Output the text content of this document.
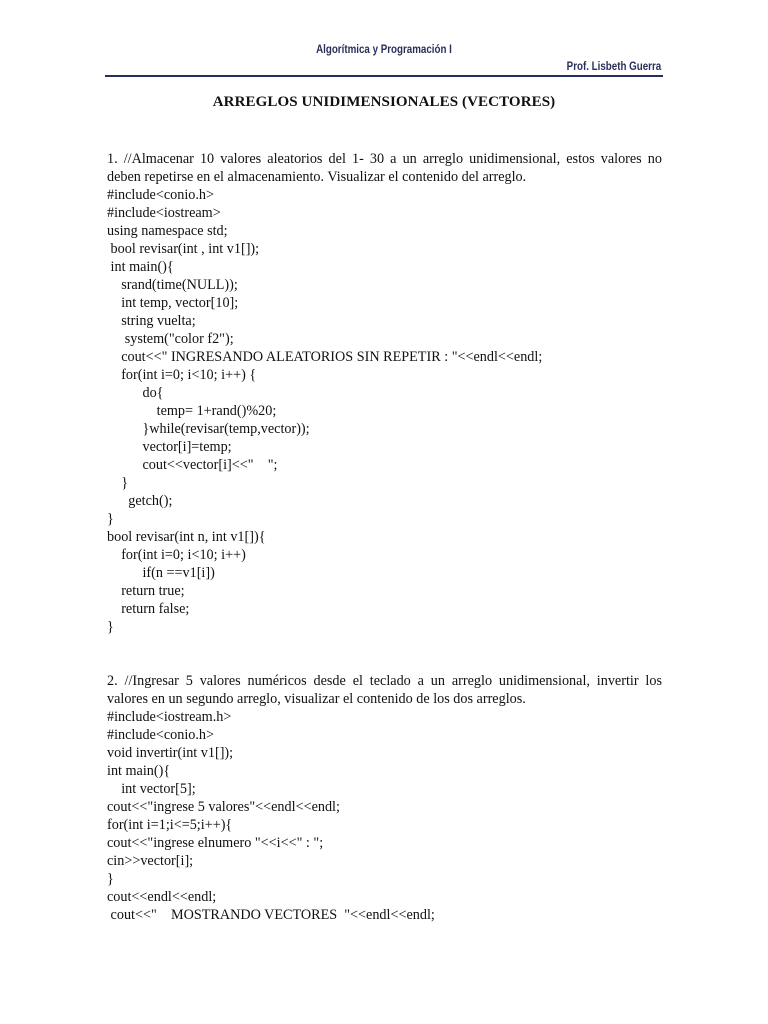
Algorítmica y Programación I
Prof. Lisbeth Guerra
ARREGLOS UNIDIMENSIONALES (VECTORES)

1. //Almacenar 10 valores aleatorios del 1- 30 a un arreglo unidimensional, estos valores no deben repetirse en el almacenamiento. Visualizar el contenido del arreglo.

#include<conio.h>
#include<iostream>
using namespace std;
bool revisar(int , int v1[]);
int main(){
srand(time(NULL));
int temp, vector[10];
string vuelta;
system("color f2");
cout<<" INGRESANDO ALEATORIOS SIN REPETIR : "<<endl<<endl;
for(int i=0; i<10; i++) {
do{
temp= 1+rand()%20;
}while(revisar(temp,vector));
vector[i]=temp;
cout<<vector[i]<<"    ";
}
getch();
}
bool revisar(int n, int v1[]){
for(int i=0; i<10; i++)
if(n ==v1[i])
return true;
return false;
}

2. //Ingresar 5 valores numéricos desde el teclado a un arreglo unidimensional, invertir los valores en un segundo arreglo, visualizar el contenido de los dos arreglos.

#include<iostream.h>
#include<conio.h>
void invertir(int v1[]);
int main(){
int vector[5];
cout<<"ingrese 5 valores"<<endl<<endl;
for(int i=1;i<=5;i++){
cout<<"ingrese elnumero "<<i<<" : ";
cin>>vector[i];
}
cout<<endl<<endl;
cout<<"    MOSTRANDO VECTORES  "<<endl<<endl;
